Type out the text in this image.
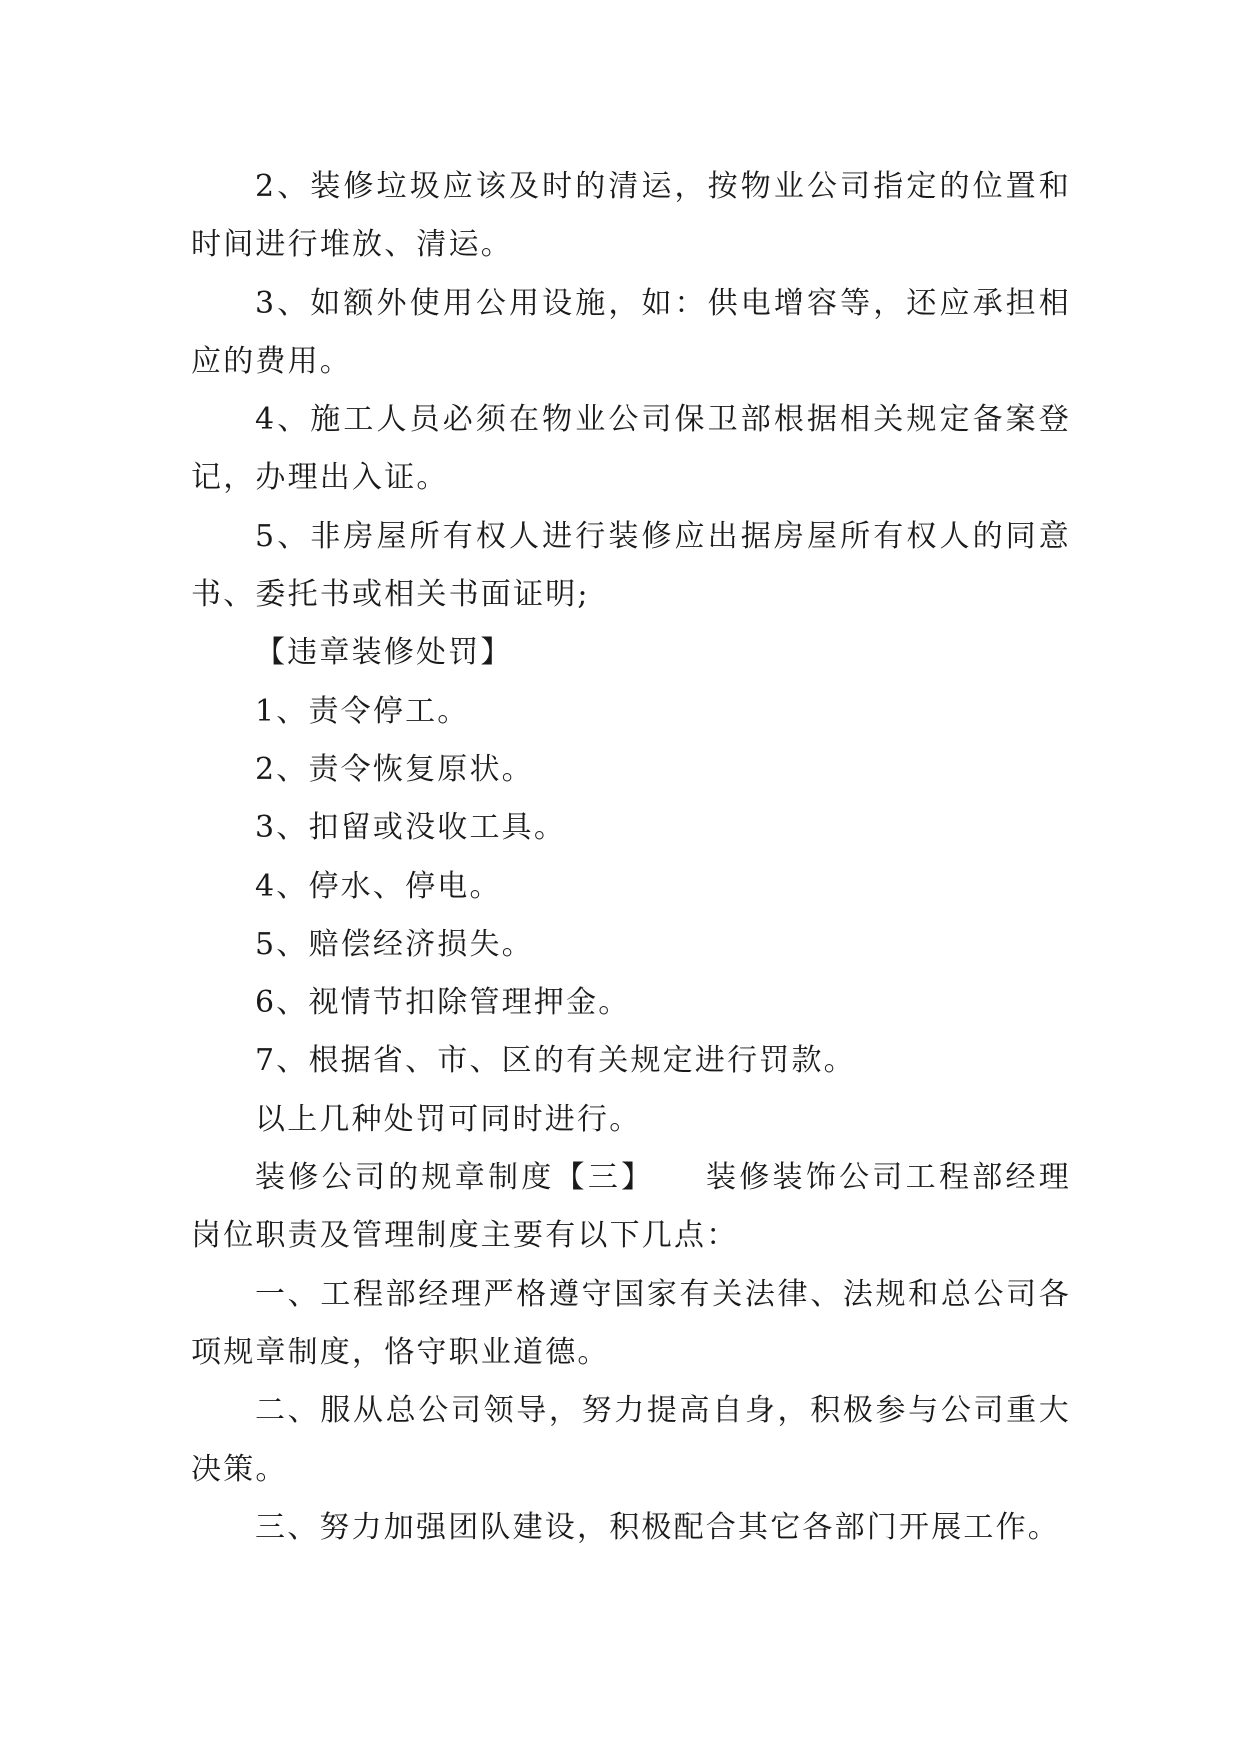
2、装修垃圾应该及时的清运，按物业公司指定的位置和时间进行堆放、清运。

3、如额外使用公用设施，如：供电增容等，还应承担相应的费用。

4、施工人员必须在物业公司保卫部根据相关规定备案登记，办理出入证。

5、非房屋所有权人进行装修应出据房屋所有权人的同意书、委托书或相关书面证明;

【违章装修处罚】

1、责令停工。

2、责令恢复原状。

3、扣留或没收工具。

4、停水、停电。

5、赔偿经济损失。

6、视情节扣除管理押金。

7、根据省、市、区的有关规定进行罚款。

以上几种处罚可同时进行。

装修公司的规章制度【三】　　装修装饰公司工程部经理岗位职责及管理制度主要有以下几点：

一、工程部经理严格遵守国家有关法律、法规和总公司各项规章制度，恪守职业道德。

二、服从总公司领导，努力提高自身，积极参与公司重大决策。

三、努力加强团队建设，积极配合其它各部门开展工作。
